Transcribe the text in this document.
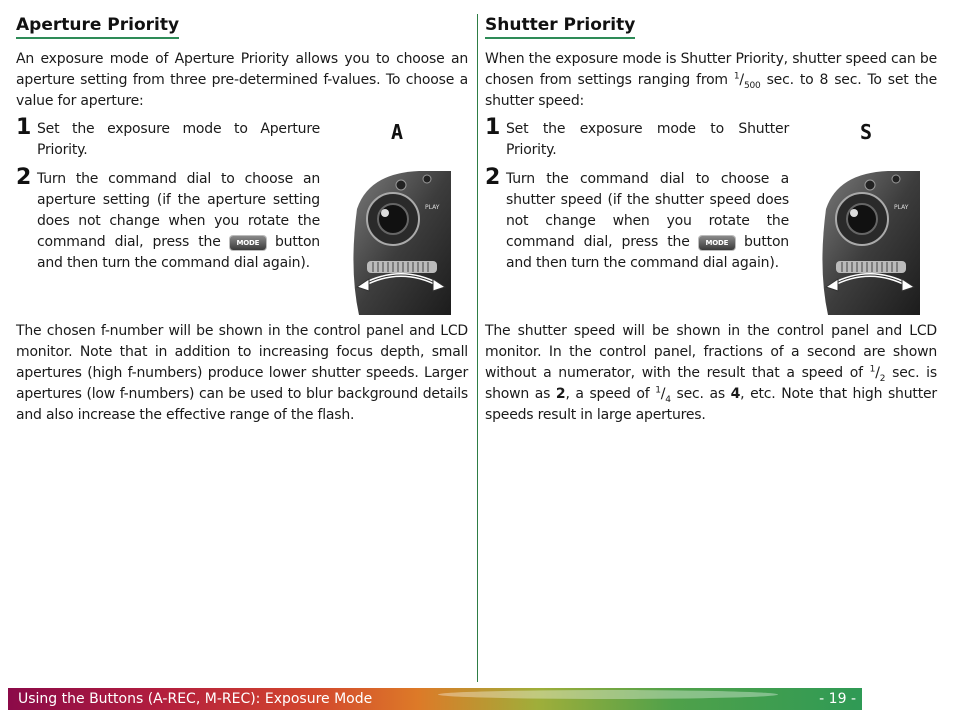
Aperture Priority

An exposure mode of Aperture Priority allows you to choose an aperture setting from three pre-determined f-values. To choose a value for aperture:

1 Set the exposure mode to Aperture Priority.
2 Turn the command dial to choose an aperture setting (if the aperture setting does not change when you rotate the command dial, press the MODE button and then turn the command dial again).
A
PLAY

The chosen f-number will be shown in the control panel and LCD monitor. Note that in addition to increasing focus depth, small apertures (high f-numbers) produce lower shutter speeds. Larger apertures (low f-numbers) can be used to blur background details and also increase the effective range of the flash.

Shutter Priority

When the exposure mode is Shutter Priority, shutter speed can be chosen from settings ranging from $^1/_{500}$ sec. to 8 sec. To set the shutter speed:

1 Set the exposure mode to Shutter Priority.
2 Turn the command dial to choose a shutter speed (if the shutter speed does not change when you rotate the command dial, press the MODE button and then turn the command dial again).
S
PLAY

The shutter speed will be shown in the control panel and LCD monitor. In the control panel, fractions of a second are shown without a numerator, with the result that a speed of $^1/_2$ sec. is shown as 2, a speed of $^1/_4$ sec. as 4, etc. Note that high shutter speeds result in large apertures.

Using the Buttons (A-REC, M-REC): Exposure Mode	- 19 -
